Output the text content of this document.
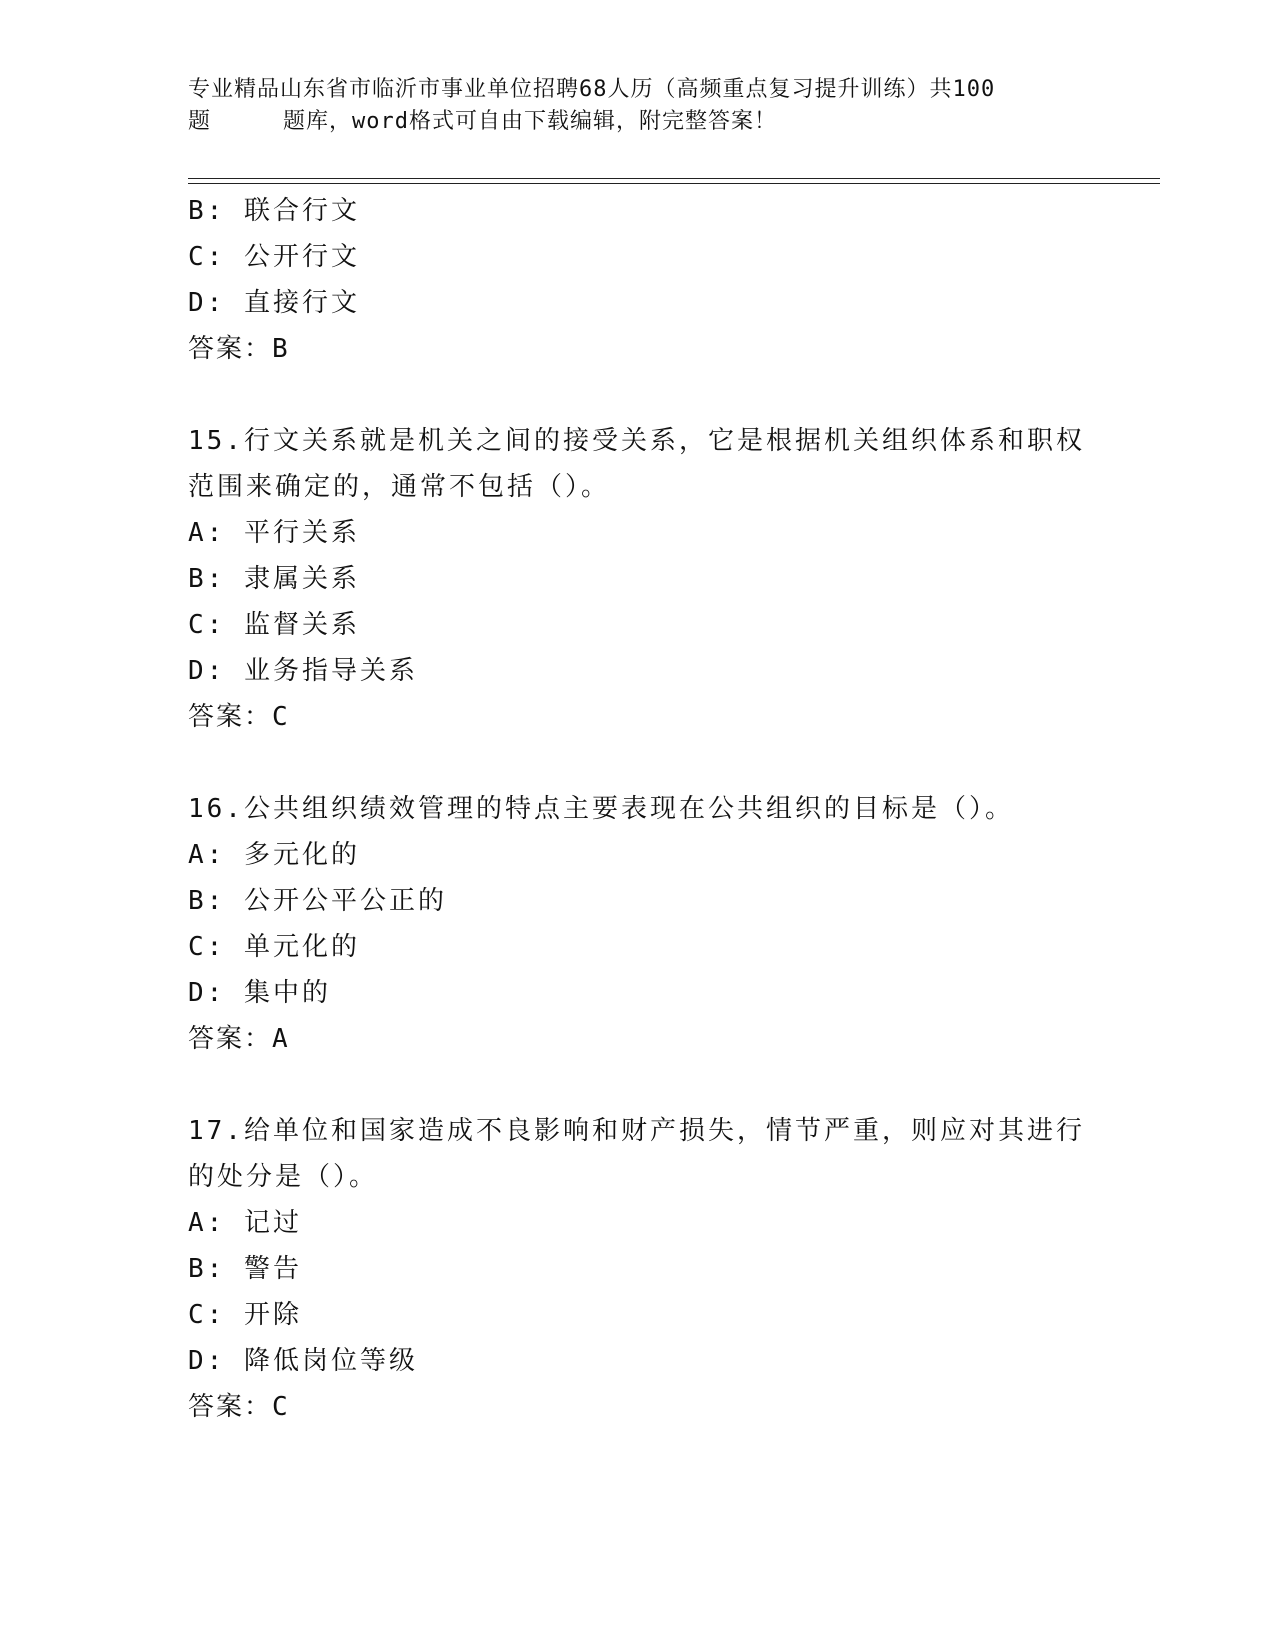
专业精品山东省市临沂市事业单位招聘68人历（高频重点复习提升训练）共100
题	题库，word格式可自由下载编辑，附完整答案！
B: 联合行文
C: 公开行文
D: 直接行文
答案：B
15.行文关系就是机关之间的接受关系，它是根据机关组织体系和职权
范围来确定的，通常不包括（）。
A: 平行关系
B: 隶属关系
C: 监督关系
D: 业务指导关系
答案：C
16.公共组织绩效管理的特点主要表现在公共组织的目标是（）。
A: 多元化的
B: 公开公平公正的
C: 单元化的
D: 集中的
答案：A
17.给单位和国家造成不良影响和财产损失，情节严重，则应对其进行
的处分是（）。
A: 记过
B: 警告
C: 开除
D: 降低岗位等级
答案：C
